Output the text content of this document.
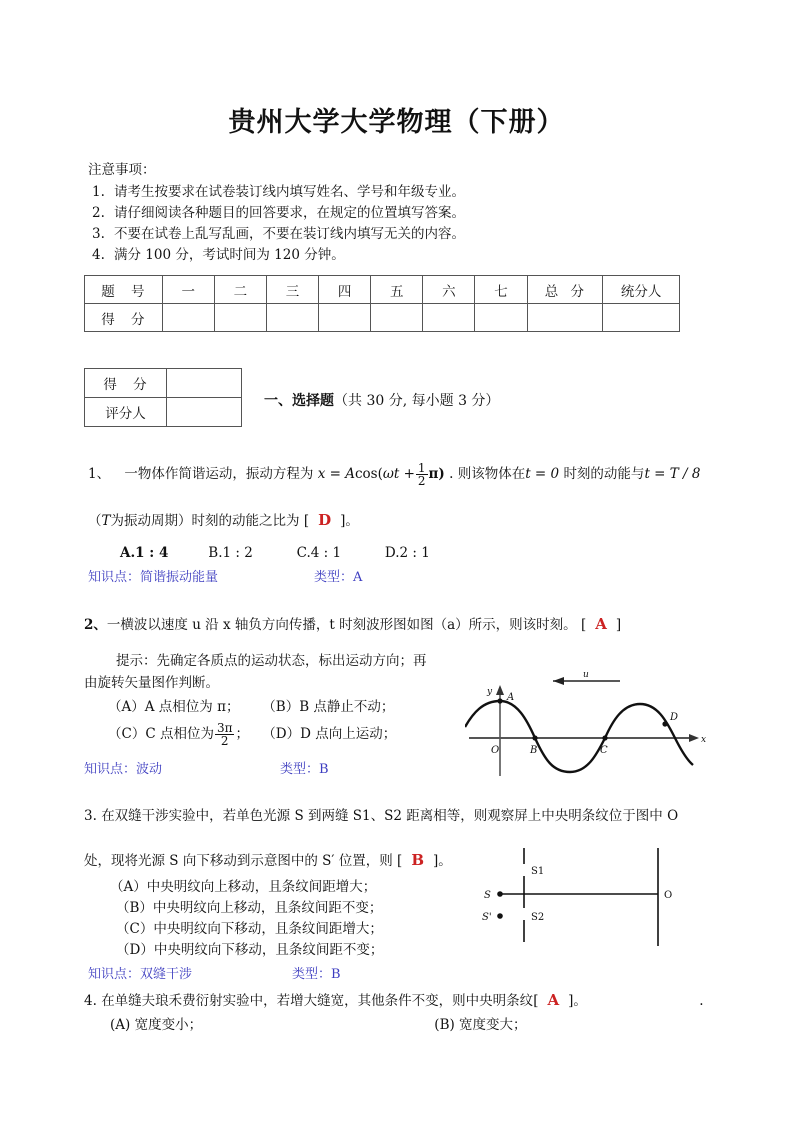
贵州大学大学物理（下册）
注意事项：
请考生按要求在试卷装订线内填写姓名、学号和年级专业。
请仔细阅读各种题目的回答要求，在规定的位置填写答案。
不要在试卷上乱写乱画，不要在装订线内填写无关的内容。
满分 100 分，考试时间为 120 分钟。
题 号	一	二	三	四	五	六	七	总 分	统分人
得 分									
得 分	
评分人	
一、选择题（共 30 分, 每小题 3 分）
1、 一物体作简谐运动，振动方程为 $x = Acos(\omega t + \frac{1}{2} \pi)$ . 则该物体在t = 0 时刻的动能与t = T / 8
（T为振动周期）时刻的动能之比为 [ D ]。
A.1 : 4	B.1 : 2	C.4 : 1	D.2 : 1
知识点：简谐振动能量	类型：A
2、一横波以速度 u 沿 x 轴负方向传播，t 时刻波形图如图（a）所示，则该时刻。 [ A ]
提示：先确定各质点的运动状态，标出运动方向；再
由旋转矢量图作判断。
（A）A 点相位为 π； （B）B 点静止不动；
（C）C 点相位为 $\frac{3\pi}{2}$ ； （D）D 点向上运动；
知识点：波动	类型：B
u
x
y A
B	C
D
O
3. 在双缝干涉实验中，若单色光源 S 到两缝 S1、S2 距离相等，则观察屏上中央明条纹位于图中 O
处，现将光源 S 向下移动到示意图中的 S′ 位置，则 [ B ]。
（A）中央明纹向上移动，且条纹间距增大；
（B）中央明纹向上移动，且条纹间距不变；
（C）中央明纹向下移动，且条纹间距增大；
（D）中央明纹向下移动，且条纹间距不变；
知识点：双缝干涉	类型：B
S
S'
S1
S2
O
4. 在单缝夫琅禾费衍射实验中，若增大缝宽，其他条件不变，则中央明条纹[ A ]。	.
(A) 宽度变小；	(B) 宽度变大；
